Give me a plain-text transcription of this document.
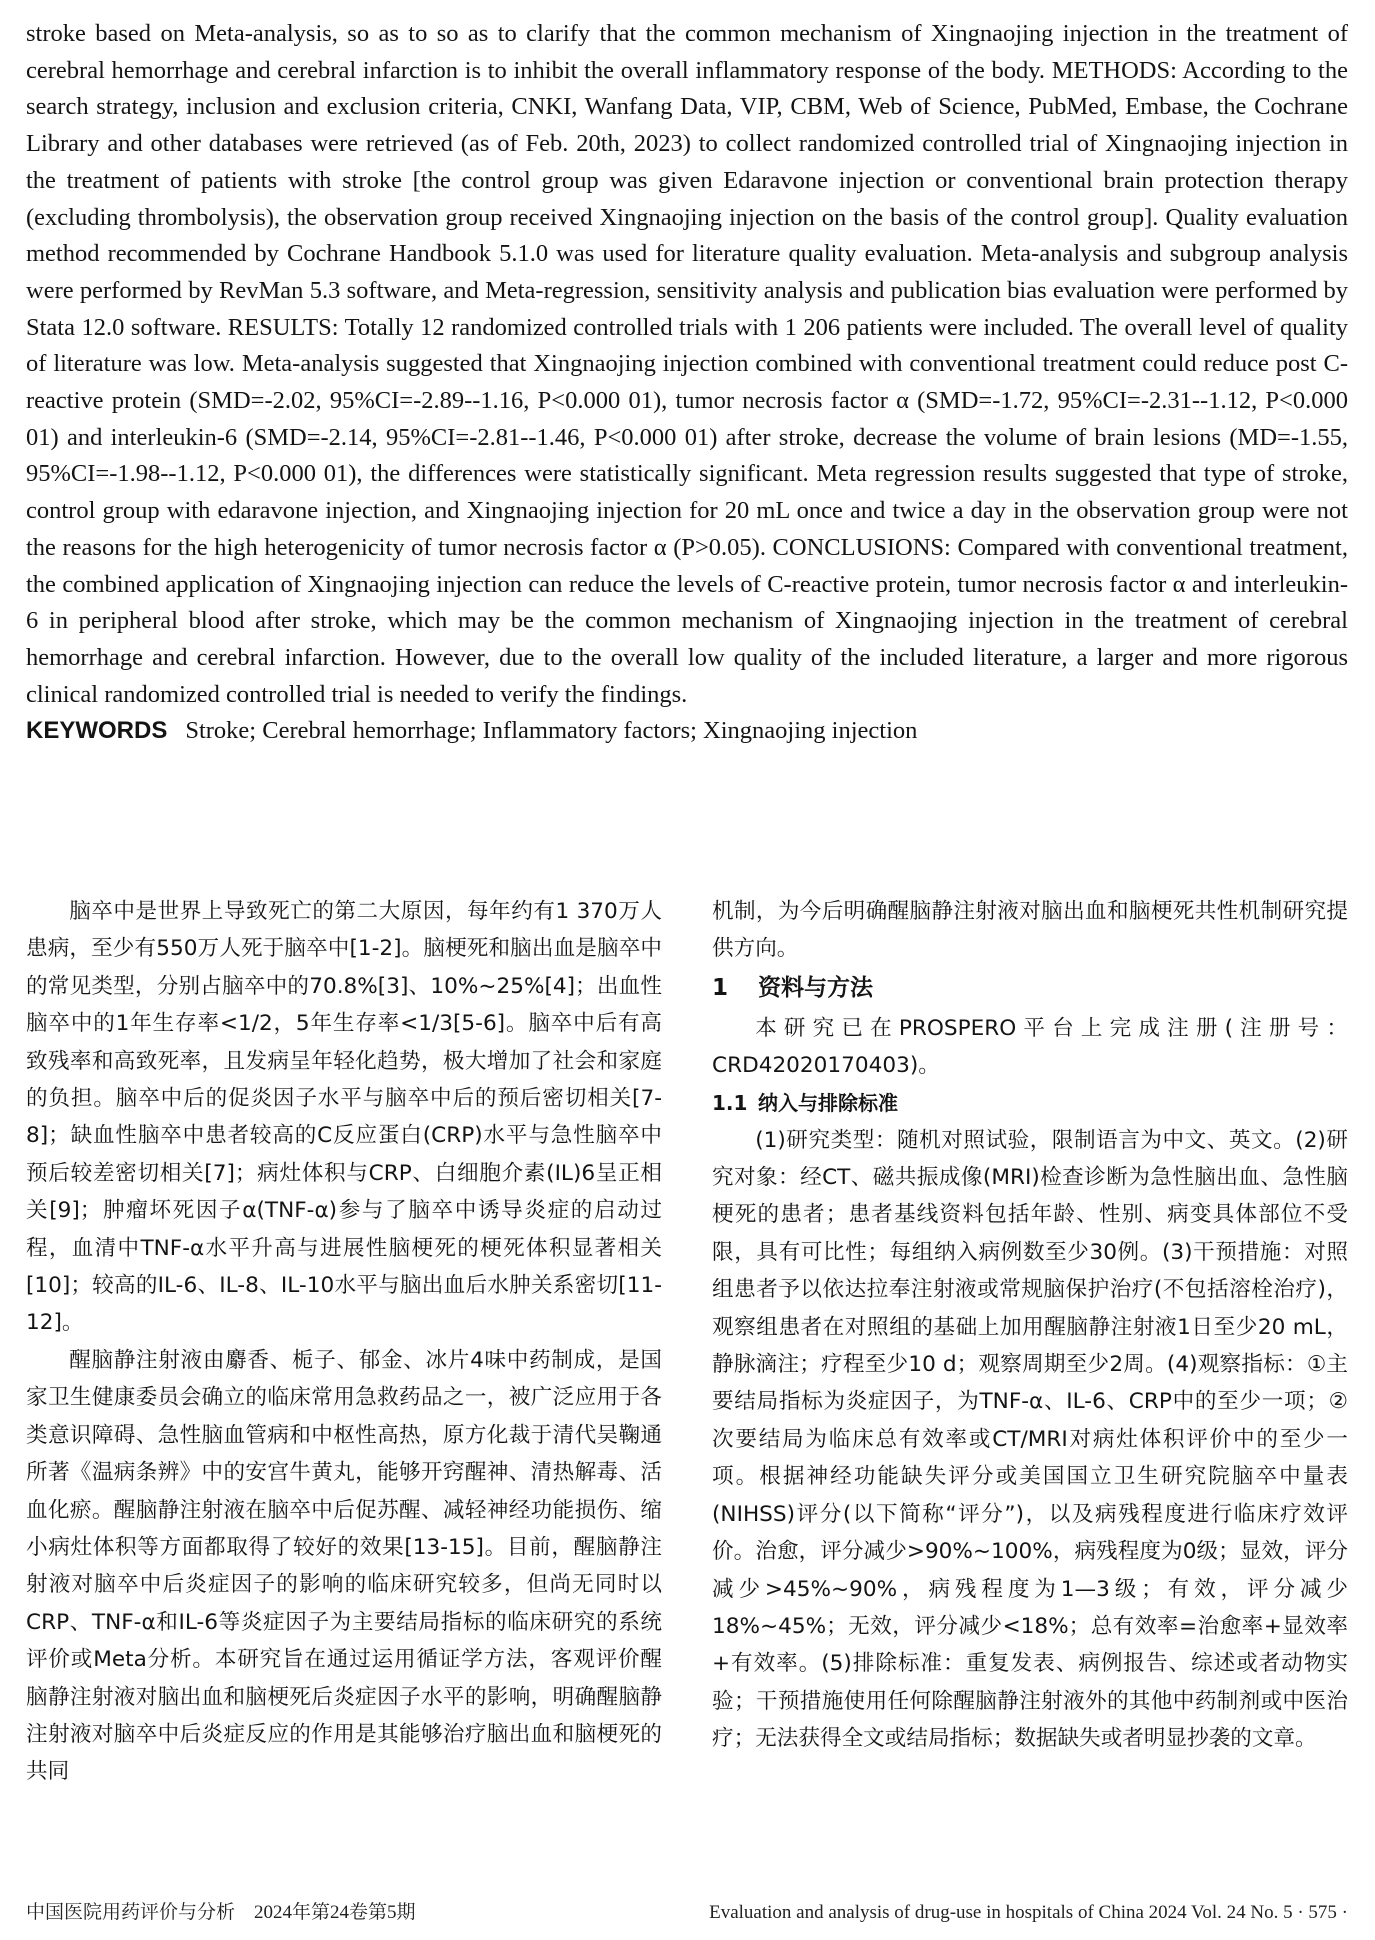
stroke based on Meta-analysis, so as to so as to clarify that the common mechanism of Xingnaojing injection in the treatment of cerebral hemorrhage and cerebral infarction is to inhibit the overall inflammatory response of the body. METHODS: According to the search strategy, inclusion and exclusion criteria, CNKI, Wanfang Data, VIP, CBM, Web of Science, PubMed, Embase, the Cochrane Library and other databases were retrieved (as of Feb. 20th, 2023) to collect randomized controlled trial of Xingnaojing injection in the treatment of patients with stroke [the control group was given Edaravone injection or conventional brain protection therapy (excluding thrombolysis), the observation group received Xingnaojing injection on the basis of the control group]. Quality evaluation method recommended by Cochrane Handbook 5.1.0 was used for literature quality evaluation. Meta-analysis and subgroup analysis were performed by RevMan 5.3 software, and Meta-regression, sensitivity analysis and publication bias evaluation were performed by Stata 12.0 software. RESULTS: Totally 12 randomized controlled trials with 1 206 patients were included. The overall level of quality of literature was low. Meta-analysis suggested that Xingnaojing injection combined with conventional treatment could reduce post C-reactive protein (SMD=-2.02, 95%CI=-2.89--1.16, P<0.000 01), tumor necrosis factor α (SMD=-1.72, 95%CI=-2.31--1.12, P<0.000 01) and interleukin-6 (SMD=-2.14, 95%CI=-2.81--1.46, P<0.000 01) after stroke, decrease the volume of brain lesions (MD=-1.55, 95%CI=-1.98--1.12, P<0.000 01), the differences were statistically significant. Meta regression results suggested that type of stroke, control group with edaravone injection, and Xingnaojing injection for 20 mL once and twice a day in the observation group were not the reasons for the high heterogenicity of tumor necrosis factor α (P>0.05). CONCLUSIONS: Compared with conventional treatment, the combined application of Xingnaojing injection can reduce the levels of C-reactive protein, tumor necrosis factor α and interleukin-6 in peripheral blood after stroke, which may be the common mechanism of Xingnaojing injection in the treatment of cerebral hemorrhage and cerebral infarction. However, due to the overall low quality of the included literature, a larger and more rigorous clinical randomized controlled trial is needed to verify the findings.

KEYWORDS Stroke; Cerebral hemorrhage; Inflammatory factors; Xingnaojing injection

脑卒中是世界上导致死亡的第二大原因，每年约有1 370万人患病，至少有550万人死于脑卒中[1-2]。脑梗死和脑出血是脑卒中的常见类型，分别占脑卒中的70.8%[3]、10%~25%[4]；出血性脑卒中的1年生存率<1/2，5年生存率<1/3[5-6]。脑卒中后有高致残率和高致死率，且发病呈年轻化趋势，极大增加了社会和家庭的负担。脑卒中后的促炎因子水平与脑卒中后的预后密切相关[7-8]；缺血性脑卒中患者较高的C反应蛋白(CRP)水平与急性脑卒中预后较差密切相关[7]；病灶体积与CRP、白细胞介素(IL)6呈正相关[9]；肿瘤坏死因子α(TNF-α)参与了脑卒中诱导炎症的启动过程，血清中TNF-α水平升高与进展性脑梗死的梗死体积显著相关[10]；较高的IL-6、IL-8、IL-10水平与脑出血后水肿关系密切[11-12]。

醒脑静注射液由麝香、栀子、郁金、冰片4味中药制成，是国家卫生健康委员会确立的临床常用急救药品之一，被广泛应用于各类意识障碍、急性脑血管病和中枢性高热，原方化裁于清代吴鞠通所著《温病条辨》中的安宫牛黄丸，能够开窍醒神、清热解毒、活血化瘀。醒脑静注射液在脑卒中后促苏醒、减轻神经功能损伤、缩小病灶体积等方面都取得了较好的效果[13-15]。目前，醒脑静注射液对脑卒中后炎症因子的影响的临床研究较多，但尚无同时以CRP、TNF-α和IL-6等炎症因子为主要结局指标的临床研究的系统评价或Meta分析。本研究旨在通过运用循证学方法，客观评价醒脑静注射液对脑出血和脑梗死后炎症因子水平的影响，明确醒脑静注射液对脑卒中后炎症反应的作用是其能够治疗脑出血和脑梗死的共同

机制，为今后明确醒脑静注射液对脑出血和脑梗死共性机制研究提供方向。

1 资料与方法

本研究已在PROSPERO平台上完成注册(注册号：CRD42020170403)。

1.1 纳入与排除标准

(1)研究类型：随机对照试验，限制语言为中文、英文。(2)研究对象：经CT、磁共振成像(MRI)检查诊断为急性脑出血、急性脑梗死的患者；患者基线资料包括年龄、性别、病变具体部位不受限，具有可比性；每组纳入病例数至少30例。(3)干预措施：对照组患者予以依达拉奉注射液或常规脑保护治疗(不包括溶栓治疗)，观察组患者在对照组的基础上加用醒脑静注射液1日至少20 mL，静脉滴注；疗程至少10 d；观察周期至少2周。(4)观察指标：①主要结局指标为炎症因子，为TNF-α、IL-6、CRP中的至少一项；②次要结局为临床总有效率或CT/MRI对病灶体积评价中的至少一项。根据神经功能缺失评分或美国国立卫生研究院脑卒中量表(NIHSS)评分(以下简称“评分”)，以及病残程度进行临床疗效评价。治愈，评分减少>90%~100%，病残程度为0级；显效，评分减少>45%~90%，病残程度为1—3级；有效，评分减少18%~45%；无效，评分减少<18%；总有效率=治愈率+显效率+有效率。(5)排除标准：重复发表、病例报告、综述或者动物实验；干预措施使用任何除醒脑静注射液外的其他中药制剂或中医治疗；无法获得全文或结局指标；数据缺失或者明显抄袭的文章。

中国医院用药评价与分析　2024年第24卷第5期	Evaluation and analysis of drug-use in hospitals of China 2024 Vol. 24 No. 5 · 575 ·
